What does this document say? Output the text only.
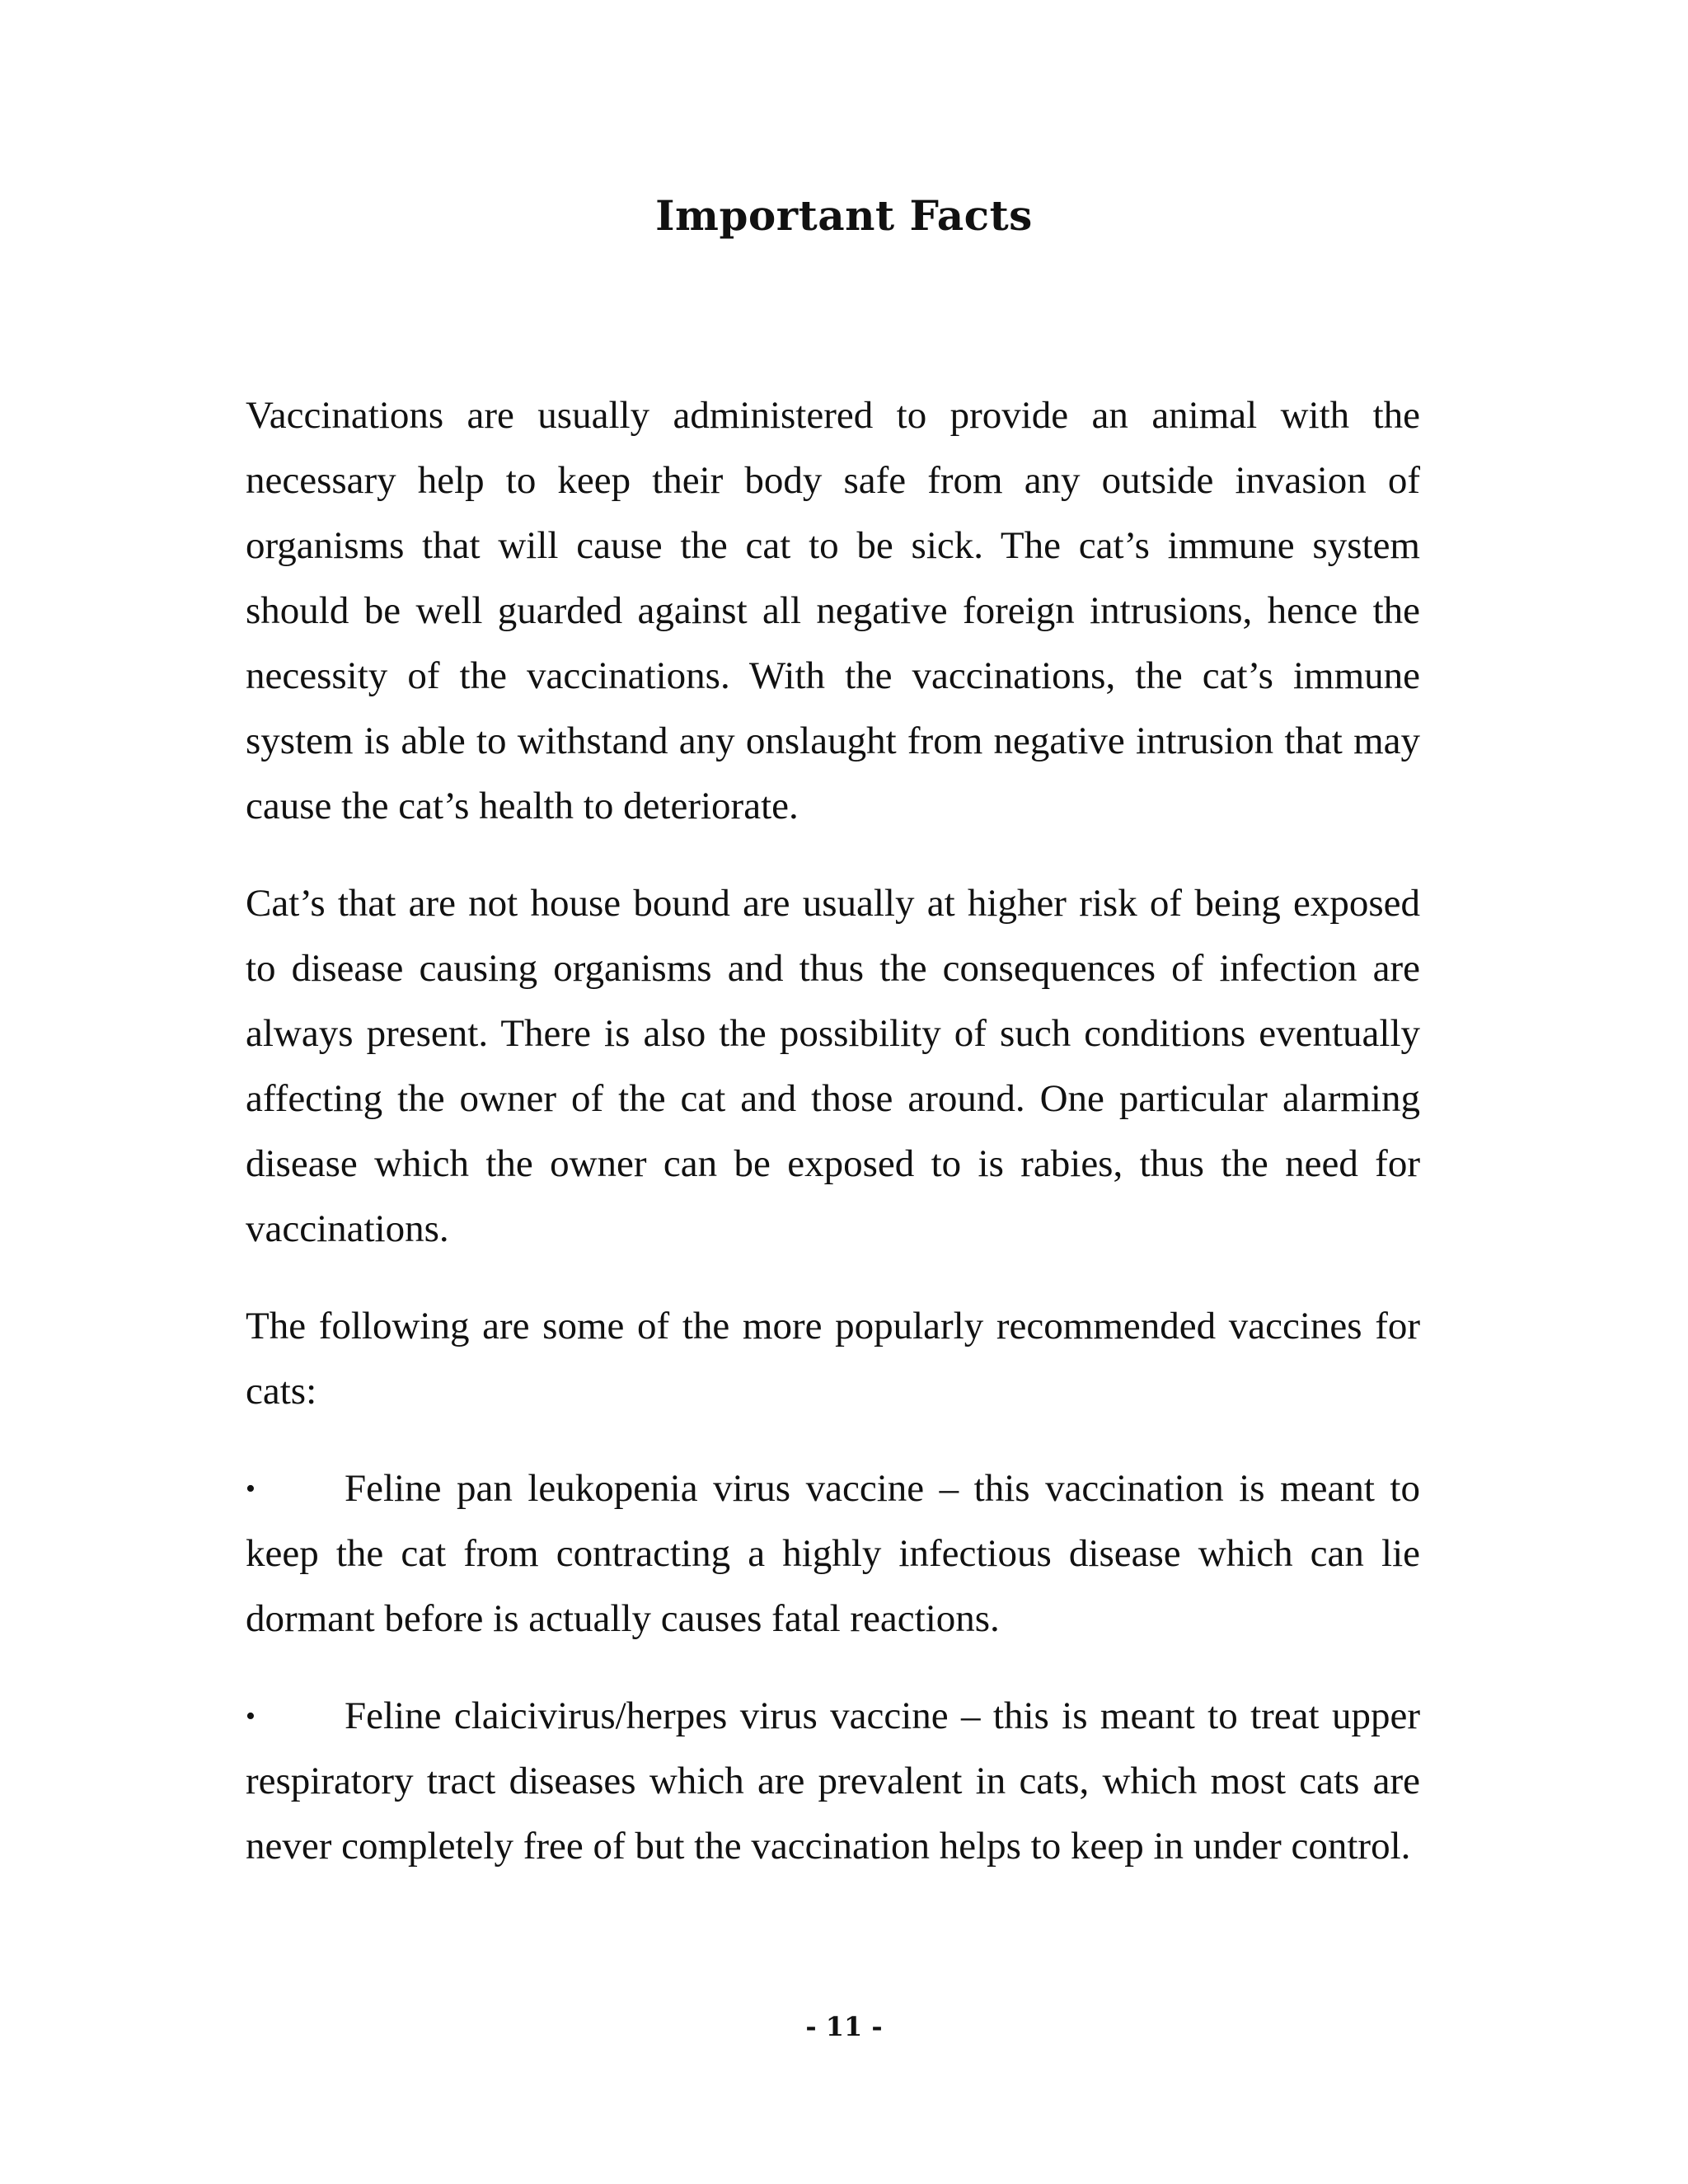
Important Facts

Vaccinations are usually administered to provide an animal with the necessary help to keep their body safe from any outside invasion of organisms that will cause the cat to be sick. The cat’s immune system should be well guarded against all negative foreign intrusions, hence the necessity of the vaccinations. With the vaccinations, the cat’s immune system is able to withstand any onslaught from negative intrusion that may cause the cat’s health to deteriorate.

Cat’s that are not house bound are usually at higher risk of being exposed to disease causing organisms and thus the consequences of infection are always present. There is also the possibility of such conditions eventually affecting the owner of the cat and those around. One particular alarming disease which the owner can be exposed to is rabies, thus the need for vaccinations.

The following are some of the more popularly recommended vaccines for cats:

• Feline pan leukopenia virus vaccine – this vaccination is meant to keep the cat from contracting a highly infectious disease which can lie dormant before is actually causes fatal reactions.

• Feline claicivirus/herpes virus vaccine – this is meant to treat upper respiratory tract diseases which are prevalent in cats, which most cats are never completely free of but the vaccination helps to keep in under control.

- 11 -
